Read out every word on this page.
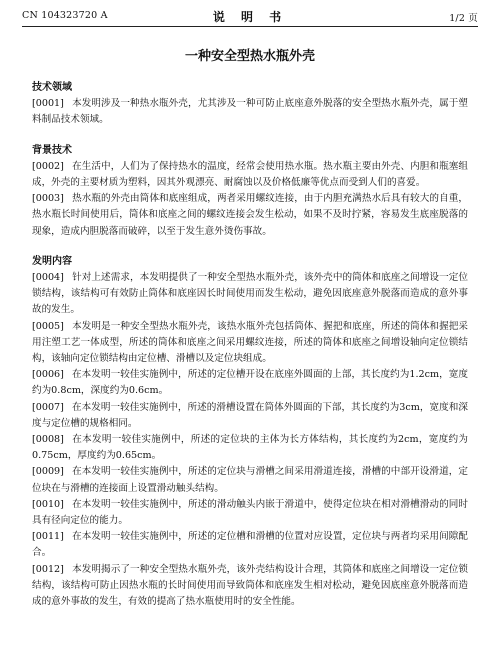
CN 104323720 A	说 明 书	1/2 页
一种安全型热水瓶外壳
技术领域

[0001] 本发明涉及一种热水瓶外壳，尤其涉及一种可防止底座意外脱落的安全型热水瓶外壳，属于塑料制品技术领域。

背景技术

[0002] 在生活中，人们为了保持热水的温度，经常会使用热水瓶。热水瓶主要由外壳、内胆和瓶塞组成，外壳的主要材质为塑料，因其外观漂亮、耐腐蚀以及价格低廉等优点而受到人们的喜爱。

[0003] 热水瓶的外壳由筒体和底座组成，两者采用螺纹连接，由于内胆充满热水后具有较大的自重，热水瓶长时间使用后，筒体和底座之间的螺纹连接会发生松动，如果不及时拧紧，容易发生底座脱落的现象，造成内胆脱落而破碎，以至于发生意外烫伤事故。

发明内容

[0004] 针对上述需求，本发明提供了一种安全型热水瓶外壳，该外壳中的筒体和底座之间增设一定位锁结构，该结构可有效防止筒体和底座因长时间使用而发生松动，避免因底座意外脱落而造成的意外事故的发生。

[0005] 本发明是一种安全型热水瓶外壳，该热水瓶外壳包括筒体、握把和底座，所述的筒体和握把采用注塑工艺一体成型，所述的筒体和底座之间采用螺纹连接，所述的筒体和底座之间增设轴向定位锁结构，该轴向定位锁结构由定位槽、滑槽以及定位块组成。

[0006] 在本发明一较佳实施例中，所述的定位槽开设在底座外圆面的上部，其长度约为1.2cm，宽度约为0.8cm，深度约为0.6cm。

[0007] 在本发明一较佳实施例中，所述的滑槽设置在筒体外圆面的下部，其长度约为3cm，宽度和深度与定位槽的规格相同。

[0008] 在本发明一较佳实施例中，所述的定位块的主体为长方体结构，其长度约为2cm，宽度约为0.75cm，厚度约为0.65cm。

[0009] 在本发明一较佳实施例中，所述的定位块与滑槽之间采用滑道连接，滑槽的中部开设滑道，定位块在与滑槽的连接面上设置滑动触头结构。

[0010] 在本发明一较佳实施例中，所述的滑动触头内嵌于滑道中，使得定位块在相对滑槽滑动的同时具有径向定位的能力。

[0011] 在本发明一较佳实施例中，所述的定位槽和滑槽的位置对应设置，定位块与两者均采用间隙配合。

[0012] 本发明揭示了一种安全型热水瓶外壳，该外壳结构设计合理，其筒体和底座之间增设一定位锁结构，该结构可防止因热水瓶的长时间使用而导致筒体和底座发生相对松动，避免因底座意外脱落而造成的意外事故的发生，有效的提高了热水瓶使用时的安全性能。
